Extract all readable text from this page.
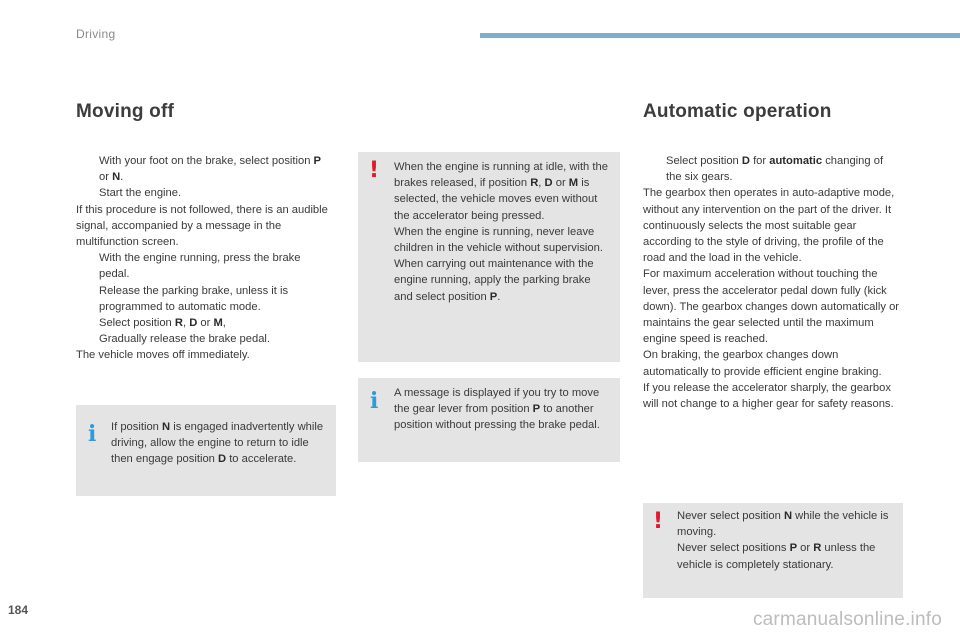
Driving
Moving off

With your foot on the brake, select position P or N.

Start the engine.

If this procedure is not followed, there is an audible signal, accompanied by a message in the multifunction screen.

With the engine running, press the brake pedal.

Release the parking brake, unless it is programmed to automatic mode.

Select position R, D or M,

Gradually release the brake pedal.

The vehicle moves off immediately.

i If position N is engaged inadvertently while driving, allow the engine to return to idle then engage position D to accelerate.

! When the engine is running at idle, with the brakes released, if position R, D or M is selected, the vehicle moves even without the accelerator being pressed.

When the engine is running, never leave children in the vehicle without supervision.

When carrying out maintenance with the engine running, apply the parking brake and select position P.

i A message is displayed if you try to move the gear lever from position P to another position without pressing the brake pedal.

Automatic operation

Select position D for automatic changing of the six gears.

The gearbox then operates in auto-adaptive mode, without any intervention on the part of the driver. It continuously selects the most suitable gear according to the style of driving, the profile of the road and the load in the vehicle.

For maximum acceleration without touching the lever, press the accelerator pedal down fully (kick down). The gearbox changes down automatically or maintains the gear selected until the maximum engine speed is reached.

On braking, the gearbox changes down automatically to provide efficient engine braking.

If you release the accelerator sharply, the gearbox will not change to a higher gear for safety reasons.

! Never select position N while the vehicle is moving.

Never select positions P or R unless the vehicle is completely stationary.

184	carmanualsonline.info
